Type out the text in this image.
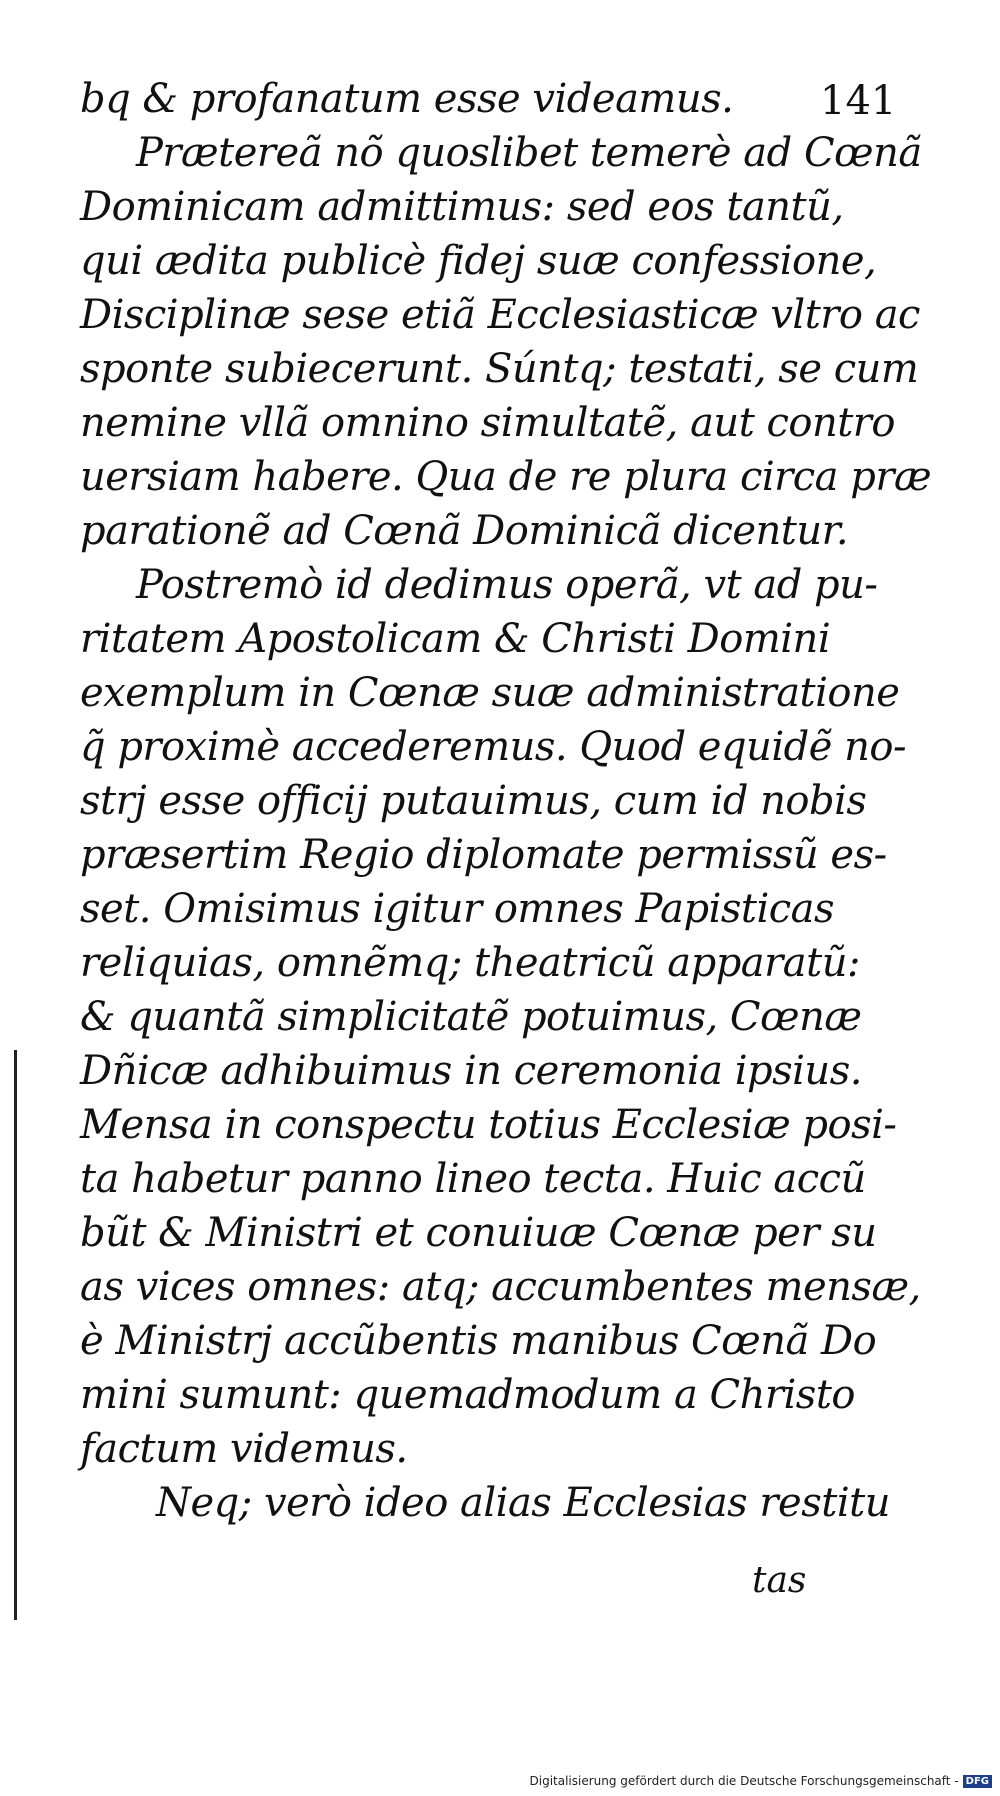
141
bq & profanatum esse videamus.
Prætereã nõ quoslibet temerè ad Cœnã
Dominicam admittimus: sed eos tantũ,
qui ædita publicè fidej suæ confessione,
Disciplinæ sese etiã Ecclesiasticæ vltro ac
sponte subiecerunt. Súntq; testati, se cum
nemine vllã omnino simultatẽ, aut contro
uersiam habere. Qua de re plura circa præ
parationẽ ad Cœnã Dominicã dicentur.
Postremò id dedimus operã, vt ad pu-
ritatem Apostolicam & Christi Domini
exemplum in Cœnæ suæ administratione
q̃ proximè accederemus. Quod equidẽ no-
strj esse officij putauimus, cum id nobis
præsertim Regio diplomate permissũ es-
set. Omisimus igitur omnes Papisticas
reliquias, omnẽmq; theatricũ apparatũ:
& quantã simplicitatẽ potuimus, Cœnæ
Dñicæ adhibuimus in ceremonia ipsius.
Mensa in conspectu totius Ecclesiæ posi-
ta habetur panno lineo tecta. Huic accũ
bũt & Ministri et conuiuæ Cœnæ per su
as vices omnes: atq; accumbentes mensæ,
è Ministrj accũbentis manibus Cœnã Do
mini sumunt: quemadmodum a Christo
factum videmus.
Neq; verò ideo alias Ecclesias restitu
tas
Digitalisierung gefördert durch die Deutsche Forschungsgemeinschaft - DFG
